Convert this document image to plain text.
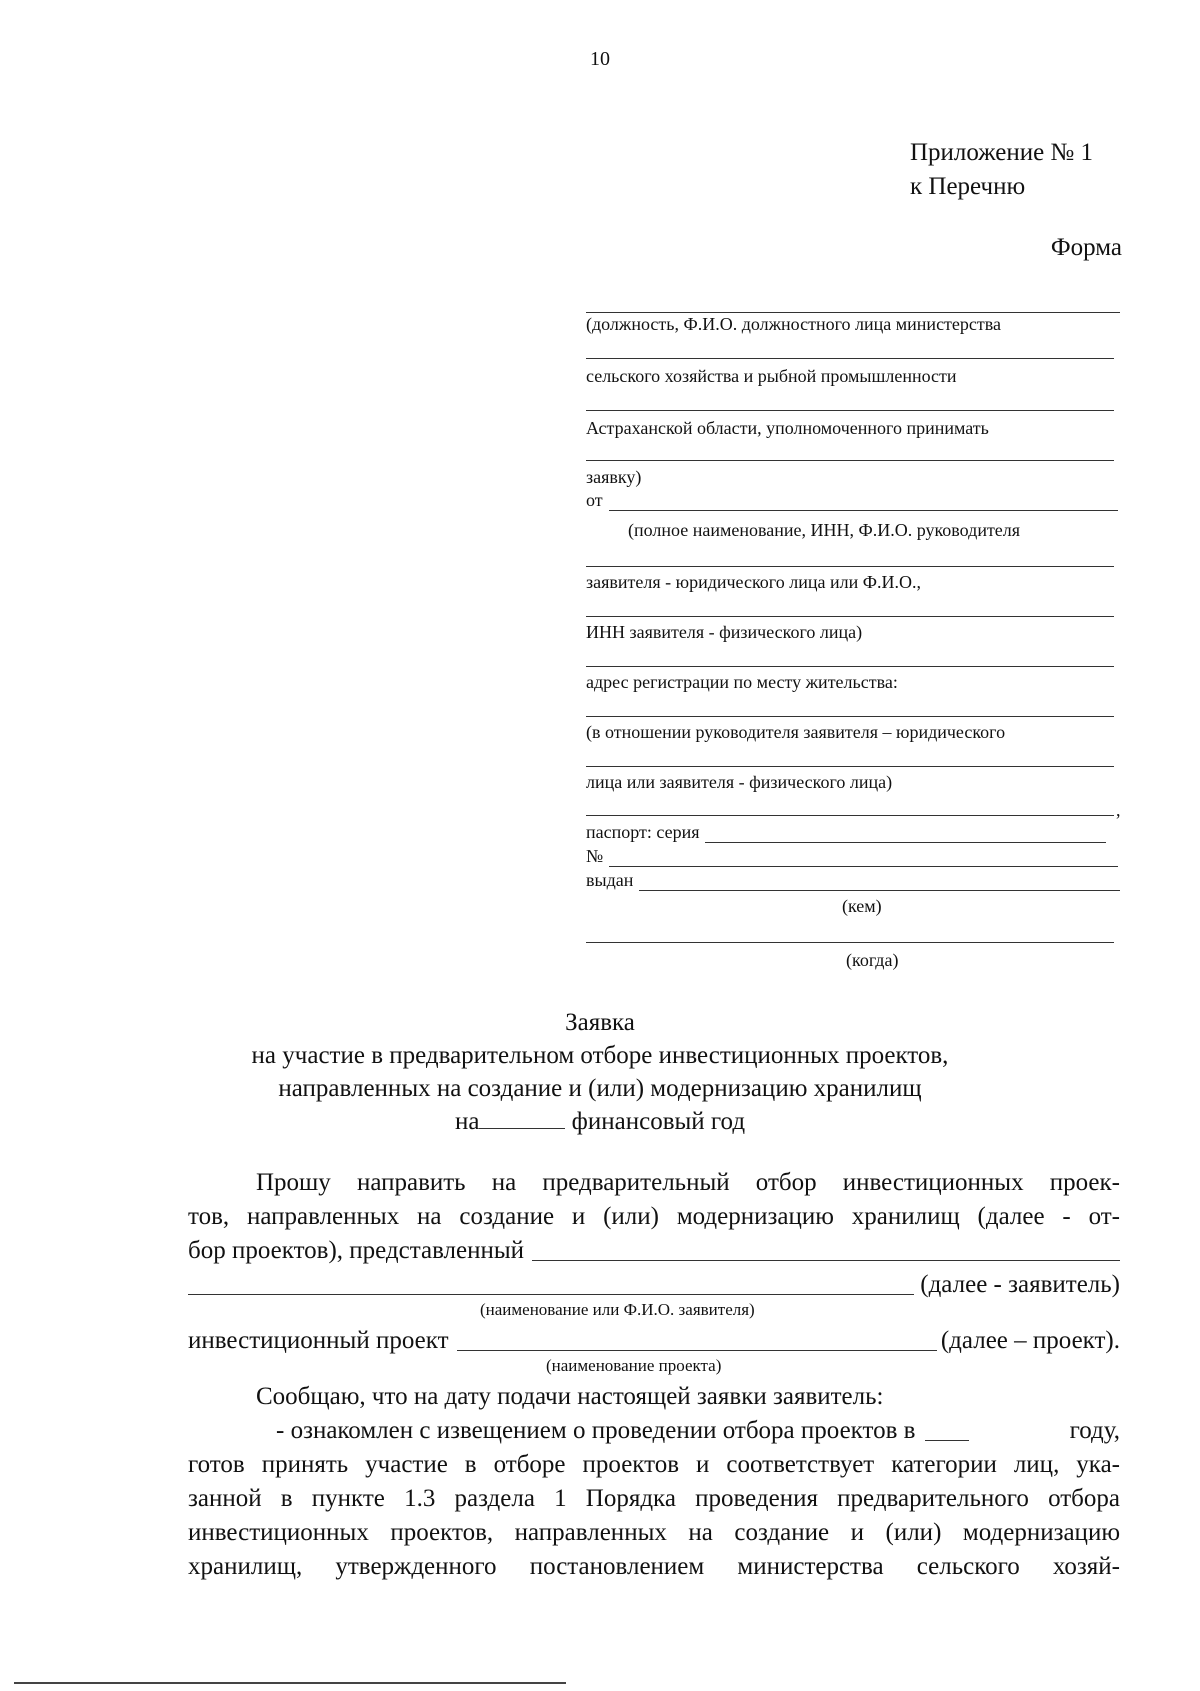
10
Приложение № 1
к Перечню
Форма
(должность, Ф.И.О. должностного лица министерства
сельского хозяйства и рыбной промышленности
Астраханской области, уполномоченного принимать
заявку)
от
(полное наименование, ИНН, Ф.И.О. руководителя
заявителя - юридического лица или Ф.И.О.,
ИНН заявителя - физического лица)
адрес регистрации по месту жительства:
(в отношении руководителя заявителя – юридического
лица или заявителя - физического лица)
,
паспорт: серия
№
выдан
(кем)
(когда)
Заявка
на участие в предварительном отборе инвестиционных проектов,
направленных на создание и (или) модернизацию хранилищ
на	финансовый год
Прошу направить на предварительный отбор инвестиционных проек-
тов, направленных на создание и (или) модернизацию хранилищ (далее - от-
бор проектов), представленный
(далее - заявитель)
(наименование или Ф.И.О. заявителя)
инвестиционный проект	(далее – проект).
(наименование проекта)
Сообщаю, что на дату подачи настоящей заявки заявитель:
- ознакомлен с извещением о проведении отбора проектов в	году,
готов принять участие в отборе проектов и соответствует категории лиц, ука-
занной в пункте 1.3 раздела 1 Порядка проведения предварительного отбора
инвестиционных проектов, направленных на создание и (или) модернизацию
хранилищ, утвержденного постановлением министерства сельского хозяй-
